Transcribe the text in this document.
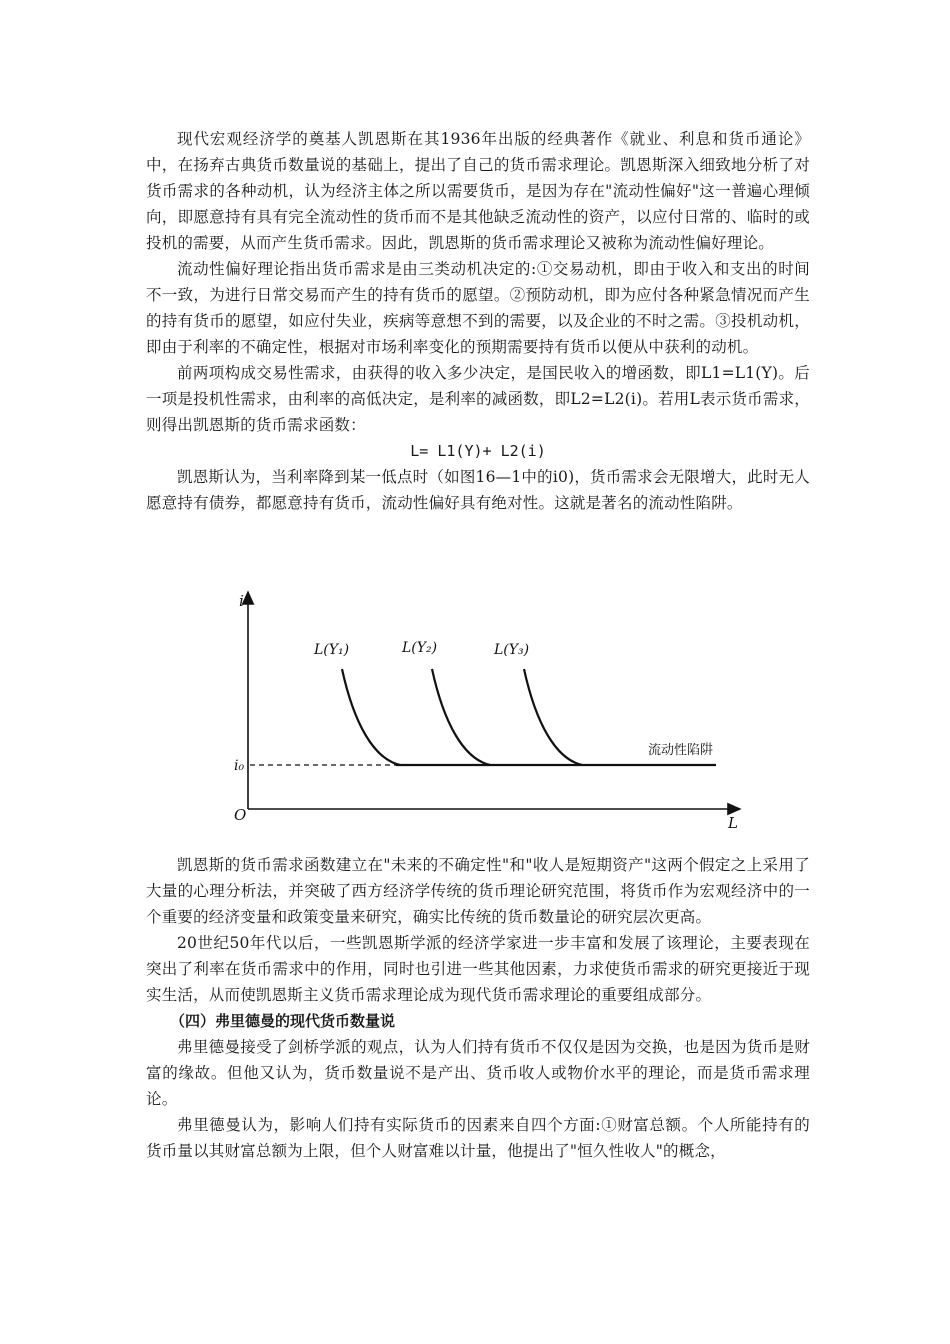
现代宏观经济学的奠基人凯恩斯在其1936年出版的经典著作《就业、利息和货币通论》中，在扬弃古典货币数量说的基础上，提出了自己的货币需求理论。凯恩斯深入细致地分析了对货币需求的各种动机，认为经济主体之所以需要货币，是因为存在"流动性偏好"这一普遍心理倾向，即愿意持有具有完全流动性的货币而不是其他缺乏流动性的资产，以应付日常的、临时的或投机的需要，从而产生货币需求。因此，凯恩斯的货币需求理论又被称为流动性偏好理论。

流动性偏好理论指出货币需求是由三类动机决定的:①交易动机，即由于收入和支出的时间不一致，为进行日常交易而产生的持有货币的愿望。②预防动机，即为应付各种紧急情况而产生的持有货币的愿望，如应付失业，疾病等意想不到的需要，以及企业的不时之需。③投机动机，即由于利率的不确定性，根据对市场利率变化的预期需要持有货币以便从中获利的动机。

前两项构成交易性需求，由获得的收入多少决定，是国民收入的增函数，即L1=L1(Y)。后一项是投机性需求，由利率的高低决定，是利率的减函数，即L2=L2(i)。若用L表示货币需求，则得出凯恩斯的货币需求函数：

L= L1(Y)+ L2(i)

凯恩斯认为，当利率降到某一低点时（如图16—1中的i0)，货币需求会无限增大，此时无人愿意持有债券，都愿意持有货币，流动性偏好具有绝对性。这就是著名的流动性陷阱。

i
L
O
i₀
流动性陷阱
L(Y₁)	L(Y₂)	L(Y₃)

凯恩斯的货币需求函数建立在"未来的不确定性"和"收人是短期资产"这两个假定之上采用了大量的心理分析法，并突破了西方经济学传统的货币理论研究范围，将货币作为宏观经济中的一个重要的经济变量和政策变量来研究，确实比传统的货币数量论的研究层次更高。

20世纪50年代以后，一些凯恩斯学派的经济学家进一步丰富和发展了该理论，主要表现在突出了利率在货币需求中的作用，同时也引进一些其他因素，力求使货币需求的研究更接近于现实生活，从而使凯恩斯主义货币需求理论成为现代货币需求理论的重要组成部分。

（四）弗里德曼的现代货币数量说

弗里德曼接受了剑桥学派的观点，认为人们持有货币不仅仅是因为交换，也是因为货币是财富的缘故。但他又认为，货币数量说不是产出、货币收人或物价水平的理论，而是货币需求理论。

弗里德曼认为，影响人们持有实际货币的因素来自四个方面:①财富总额。个人所能持有的货币量以其财富总额为上限，但个人财富难以计量，他提出了"恒久性收人"的概念，
